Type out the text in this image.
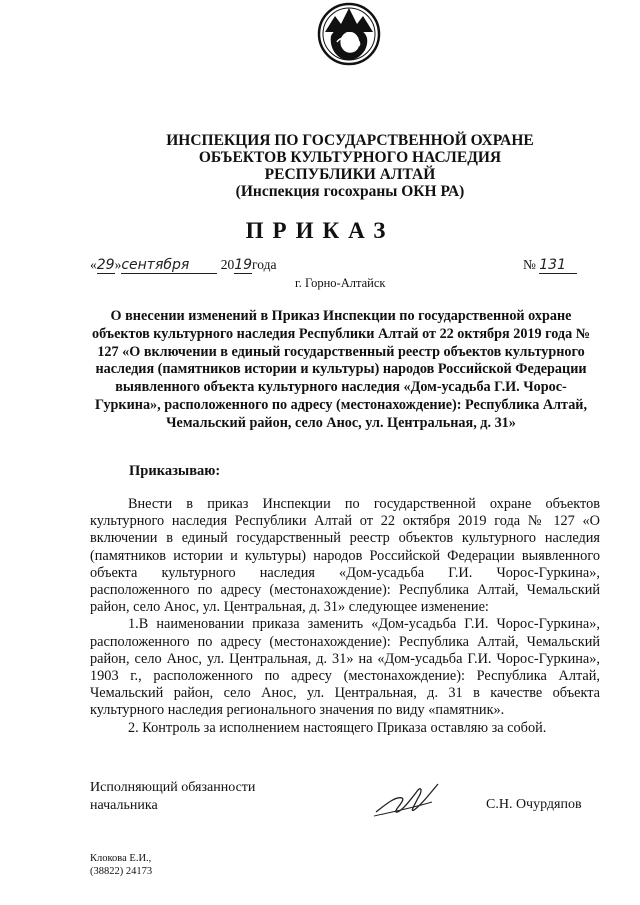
ИНСПЕКЦИЯ ПО ГОСУДАРСТВЕННОЙ ОХРАНЕ
ОБЪЕКТОВ КУЛЬТУРНОГО НАСЛЕДИЯ
РЕСПУБЛИКИ АЛТАЙ
(Инспекция госохраны ОКН РА)
ПРИКАЗ
«29»сентября 2019года	№ 131
г. Горно-Алтайск
О внесении изменений в Приказ Инспекции по государственной охране объектов культурного наследия Республики Алтай от 22 октября 2019 года № 127 «О включении в единый государственный реестр объектов культурного наследия (памятников истории и культуры) народов Российской Федерации выявленного объекта культурного наследия «Дом-усадьба Г.И. Чорос-Гуркина», расположенного по адресу (местонахождение): Республика Алтай, Чемальский район, село Анос, ул. Центральная, д. 31»
Приказываю:

Внести в приказ Инспекции по государственной охране объектов культурного наследия Республики Алтай от 22 октября 2019 года № 127 «О включении в единый государственный реестр объектов культурного наследия (памятников истории и культуры) народов Российской Федерации выявленного объекта культурного наследия «Дом-усадьба Г.И. Чорос-Гуркина», расположенного по адресу (местонахождение): Республика Алтай, Чемальский район, село Анос, ул. Центральная, д. 31» следующее изменение:

1.В наименовании приказа заменить «Дом-усадьба Г.И. Чорос-Гуркина», расположенного по адресу (местонахождение): Республика Алтай, Чемальский район, село Анос, ул. Центральная, д. 31» на «Дом-усадьба Г.И. Чорос-Гуркина», 1903 г., расположенного по адресу (местонахождение): Республика Алтай, Чемальский район, село Анос, ул. Центральная, д. 31 в качестве объекта культурного наследия регионального значения по виду «памятник».

2. Контроль за исполнением настоящего Приказа оставляю за собой.

Исполняющий обязанности
начальника	С.Н. Очурдяпов
Клокова Е.И.,
(38822) 24173
